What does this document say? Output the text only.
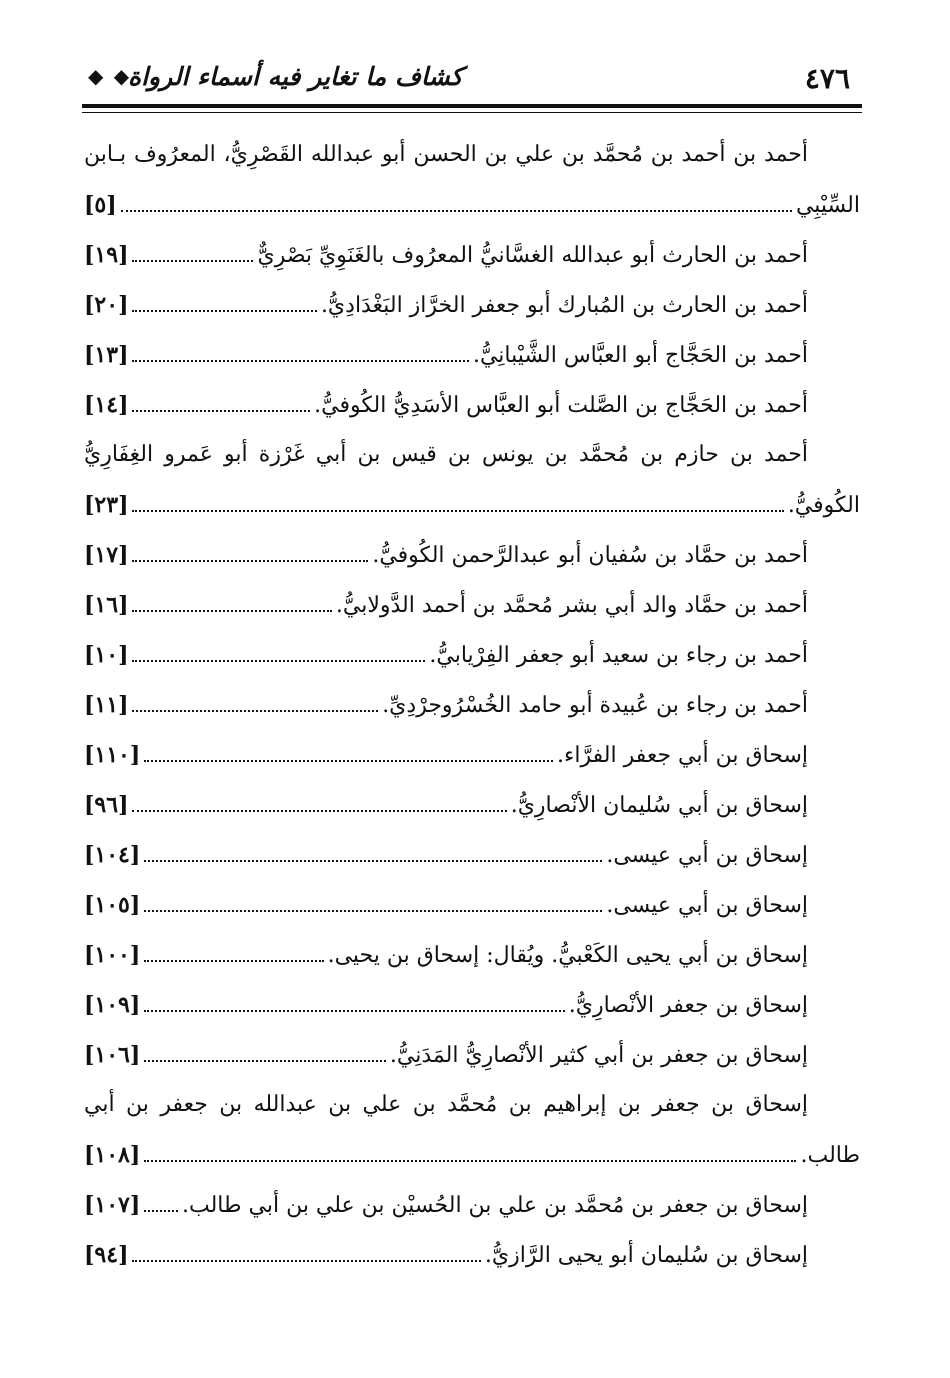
٤٧٦
كشاف ما تغاير فيه أسماء الرواة
◆ ◆
أحمد بن أحمد بن مُحمَّد بن علي بن الحسن أبو عبدالله القَصْرِيُّ، المعرُوف بـابن
السِّيْبِي
[٥]
أحمد بن الحارث أبو عبدالله الغسَّانيُّ المعرُوف بالغَنَوِيِّ بَصْرِيٌّ
[١٩]
أحمد بن الحارث بن المُبارك أبو جعفر الخرَّاز البَغْدَادِيُّ.
[٢٠]
أحمد بن الحَجَّاج أبو العبَّاس الشَّيْبانِيُّ.
[١٣]
أحمد بن الحَجَّاج بن الصَّلت أبو العبَّاس الأسَدِيُّ الكُوفيُّ.
[١٤]
أحمد بن حازم بن مُحمَّد بن يونس بن قيس بن أبي غَرْزة أبو عَمرو الغِفَارِيُّ
الكُوفيُّ.
[٢٣]
أحمد بن حمَّاد بن سُفيان أبو عبدالرَّحمن الكُوفيُّ.
[١٧]
أحمد بن حمَّاد والد أبي بشر مُحمَّد بن أحمد الدَّولابيُّ.
[١٦]
أحمد بن رجاء بن سعيد أبو جعفر الفِرْيابيُّ.
[١٠]
أحمد بن رجاء بن عُبيدة أبو حامد الخُسْرُوجرْدِيِّ.
[١١]
إسحاق بن أبي جعفر الفرَّاء.
[١١٠]
إسحاق بن أبي سُليمان الأنْصارِيُّ.
[٩٦]
إسحاق بن أبي عيسى.
[١٠٤]
إسحاق بن أبي عيسى.
[١٠٥]
إسحاق بن أبي يحيى الكَعْبيُّ. ويُقال: إسحاق بن يحيى.
[١٠٠]
إسحاق بن جعفر الأنْصارِيُّ.
[١٠٩]
إسحاق بن جعفر بن أبي كثير الأنْصارِيُّ المَدَنِيُّ.
[١٠٦]
إسحاق بن جعفر بن إبراهيم بن مُحمَّد بن علي بن عبدالله بن جعفر بن أبي
طالب.
[١٠٨]
إسحاق بن جعفر بن مُحمَّد بن علي بن الحُسيْن بن علي بن أبي طالب.
[١٠٧]
إسحاق بن سُليمان أبو يحيى الرَّازيُّ.
[٩٤]
